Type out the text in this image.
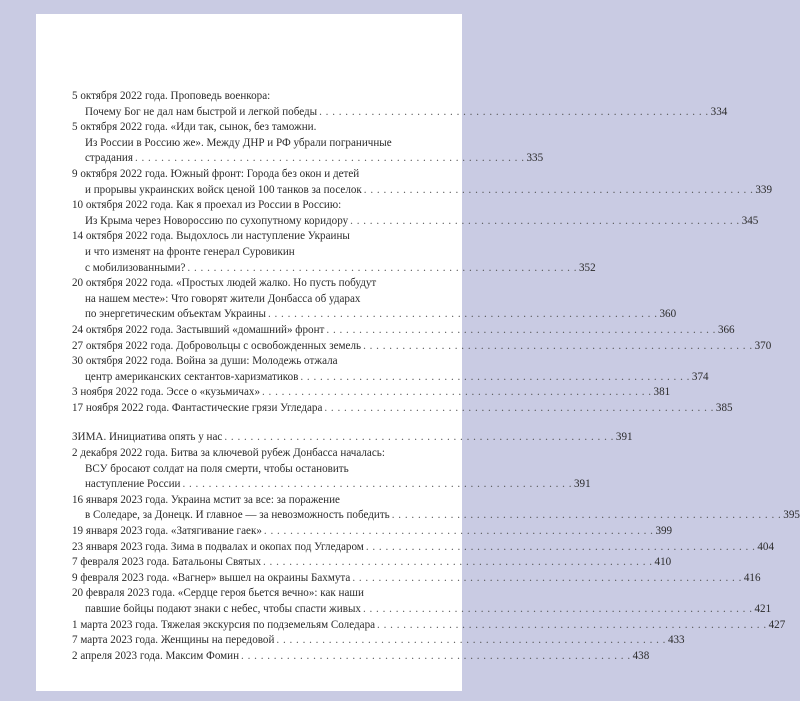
5 октября 2022 года. Проповедь военкора:
Почему Бог не дал нам быстрой и легкой победы . . .	334
5 октября 2022 года. «Иди так, сынок, без таможни.
Из России в Россию же». Между ДНР и РФ убрали пограничные
страдания . . .	335
9 октября 2022 года. Южный фронт: Города без окон и детей
и прорывы украинских войск ценой 100 танков за поселок . . .	339
10 октября 2022 года. Как я проехал из России в Россию:
Из Крыма через Новороссию по сухопутному коридору . . .	345
14 октября 2022 года. Выдохлось ли наступление Украины
и что изменят на фронте генерал Суровикин
с мобилизованными? . . .	352
20 октября 2022 года. «Простых людей жалко. Но пусть побудут
на нашем месте»: Что говорят жители Донбасса об ударах
по энергетическим объектам Украины . . .	360
24 октября 2022 года. Застывший «домашний» фронт . . .	366
27 октября 2022 года. Добровольцы с освобожденных земель . . .	370
30 октября 2022 года. Война за души: Молодежь отжала
центр американских сектантов-харизматиков . . .	374
3 ноября 2022 года. Эссе о «кузьмичах» . . .	381
17 ноября 2022 года. Фантастические грязи Угледара . . .	385
ЗИМА. Инициатива опять у нас . . .	391
2 декабря 2022 года. Битва за ключевой рубеж Донбасса началась:
ВСУ бросают солдат на поля смерти, чтобы остановить
наступление России . . .	391
16 января 2023 года. Украина мстит за все: за поражение
в Соледаре, за Донецк. И главное — за невозможность победить . . .	395
19 января 2023 года. «Затягивание гаек» . . .	399
23 января 2023 года. Зима в подвалах и окопах под Угледаром . . .	404
7 февраля 2023 года. Батальоны Святых . . .	410
9 февраля 2023 года. «Вагнер» вышел на окраины Бахмута . . .	416
20 февраля 2023 года. «Сердце героя бьется вечно»: как наши
павшие бойцы подают знаки с небес, чтобы спасти живых . . .	421
1 марта 2023 года. Тяжелая экскурсия по подземельям Соледара . . .	427
7 марта 2023 года. Женщины на передовой . . .	433
2 апреля 2023 года. Максим Фомин . . .	438
